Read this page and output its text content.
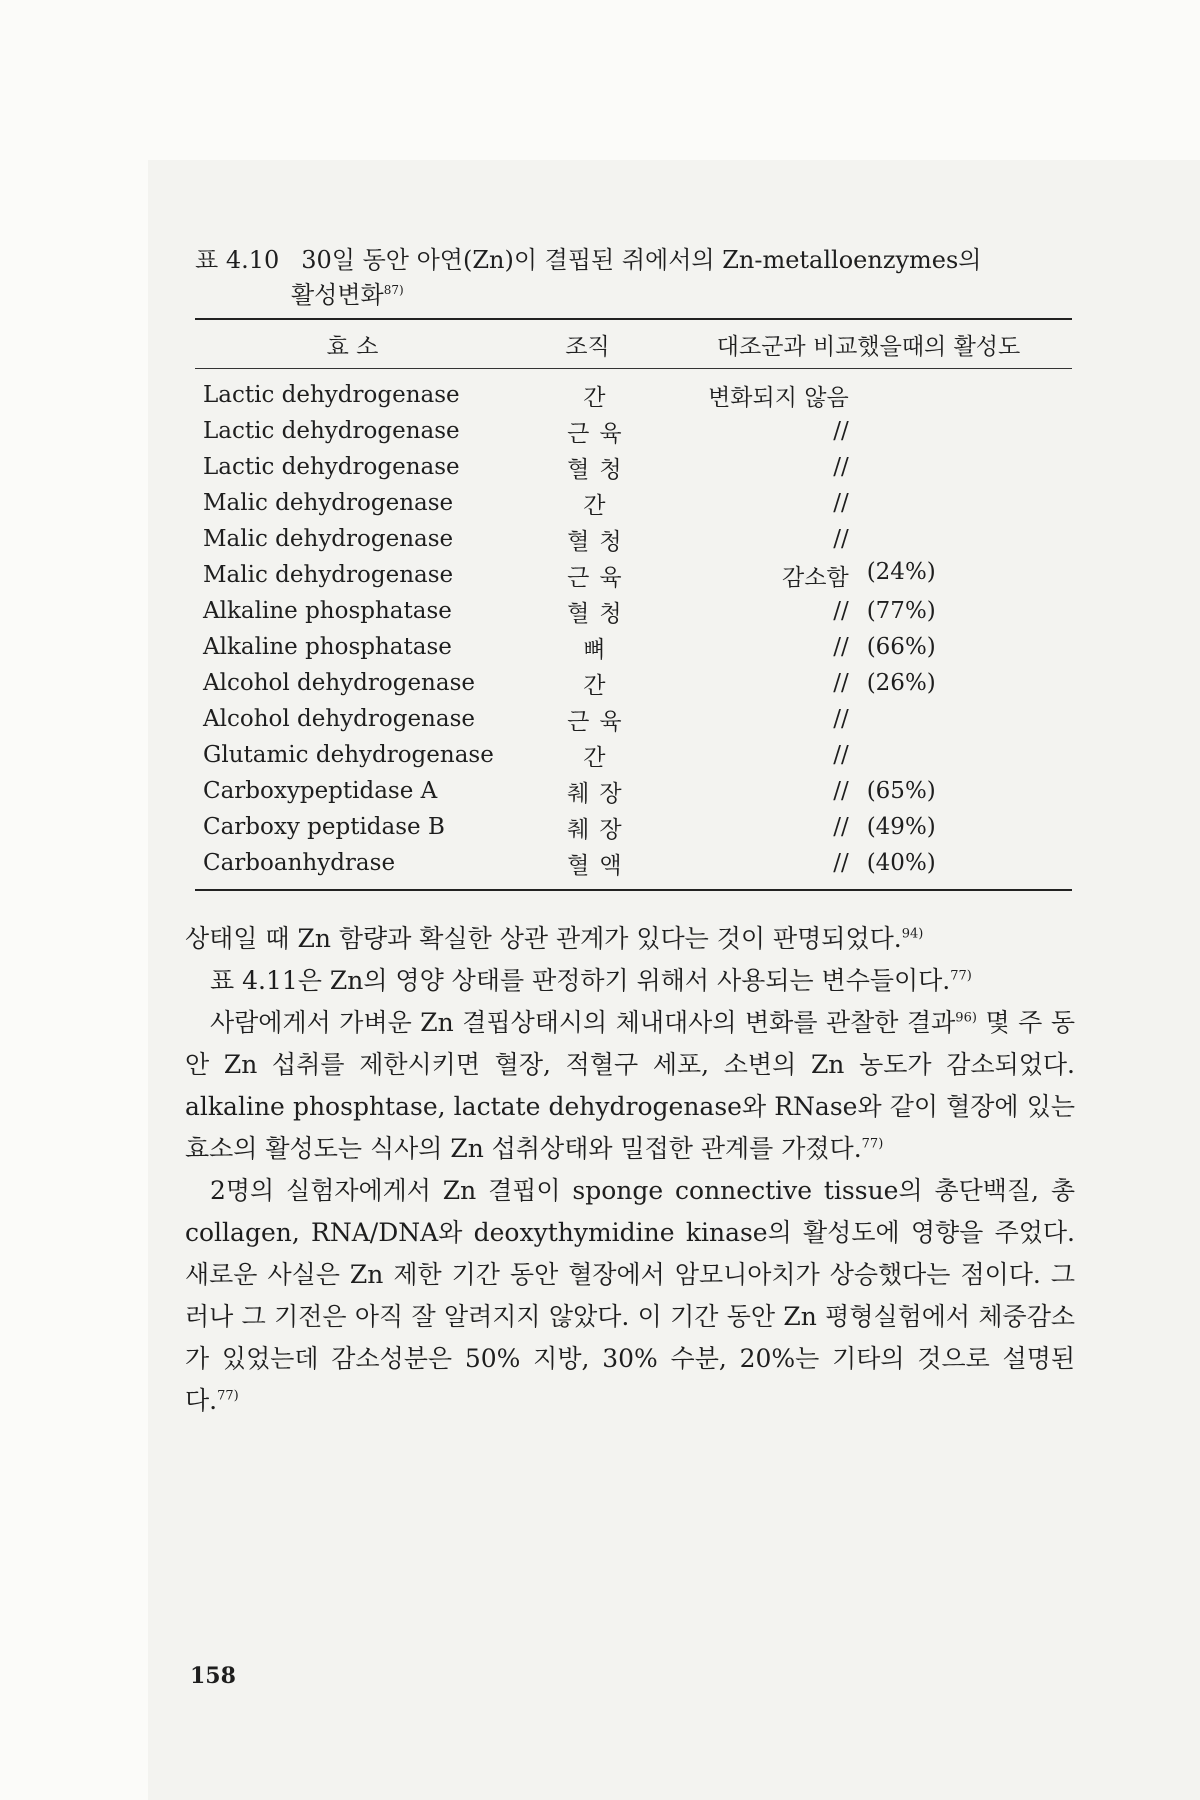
표 4.10 30일 동안 아연(Zn)이 결핍된 쥐에서의 Zn-metalloenzymes의
활성변화$^{87)}$
효 소	조직	대조군과 비교했을때의 활성도
Lactic dehydrogenase	간	변화되지 않음
Lactic dehydrogenase	근육	//
Lactic dehydrogenase	혈청	//
Malic dehydrogenase	간	//
Malic dehydrogenase	혈청	//
Malic dehydrogenase	근육	감소함 (24%)
Alkaline phosphatase	혈청	// (77%)
Alkaline phosphatase	뼈	// (66%)
Alcohol dehydrogenase	간	// (26%)
Alcohol dehydrogenase	근육	//
Glutamic dehydrogenase	간	//
Carboxypeptidase A	췌장	// (65%)
Carboxy peptidase B	췌장	// (49%)
Carboanhydrase	혈액	// (40%)

상태일 때 Zn 함량과 확실한 상관 관계가 있다는 것이 판명되었다.$^{94)}$

표 4.11은 Zn의 영양 상태를 판정하기 위해서 사용되는 변수들이다.$^{77)}$

사람에게서 가벼운 Zn 결핍상태시의 체내대사의 변화를 관찰한 결과$^{96)}$ 몇 주 동안 Zn 섭취를 제한시키면 혈장, 적혈구 세포, 소변의 Zn 농도가 감소되었다. alkaline phosphtase, lactate dehydrogenase와 RNase와 같이 혈장에 있는 효소의 활성도는 식사의 Zn 섭취상태와 밀접한 관계를 가졌다.$^{77)}$

2명의 실험자에게서 Zn 결핍이 sponge connective tissue의 총단백질, 총 collagen, RNA/DNA와 deoxythymidine kinase의 활성도에 영향을 주었다. 새로운 사실은 Zn 제한 기간 동안 혈장에서 암모니아치가 상승했다는 점이다. 그러나 그 기전은 아직 잘 알려지지 않았다. 이 기간 동안 Zn 평형실험에서 체중감소가 있었는데 감소성분은 50% 지방, 30% 수분, 20%는 기타의 것으로 설명된다.$^{77)}$

158
